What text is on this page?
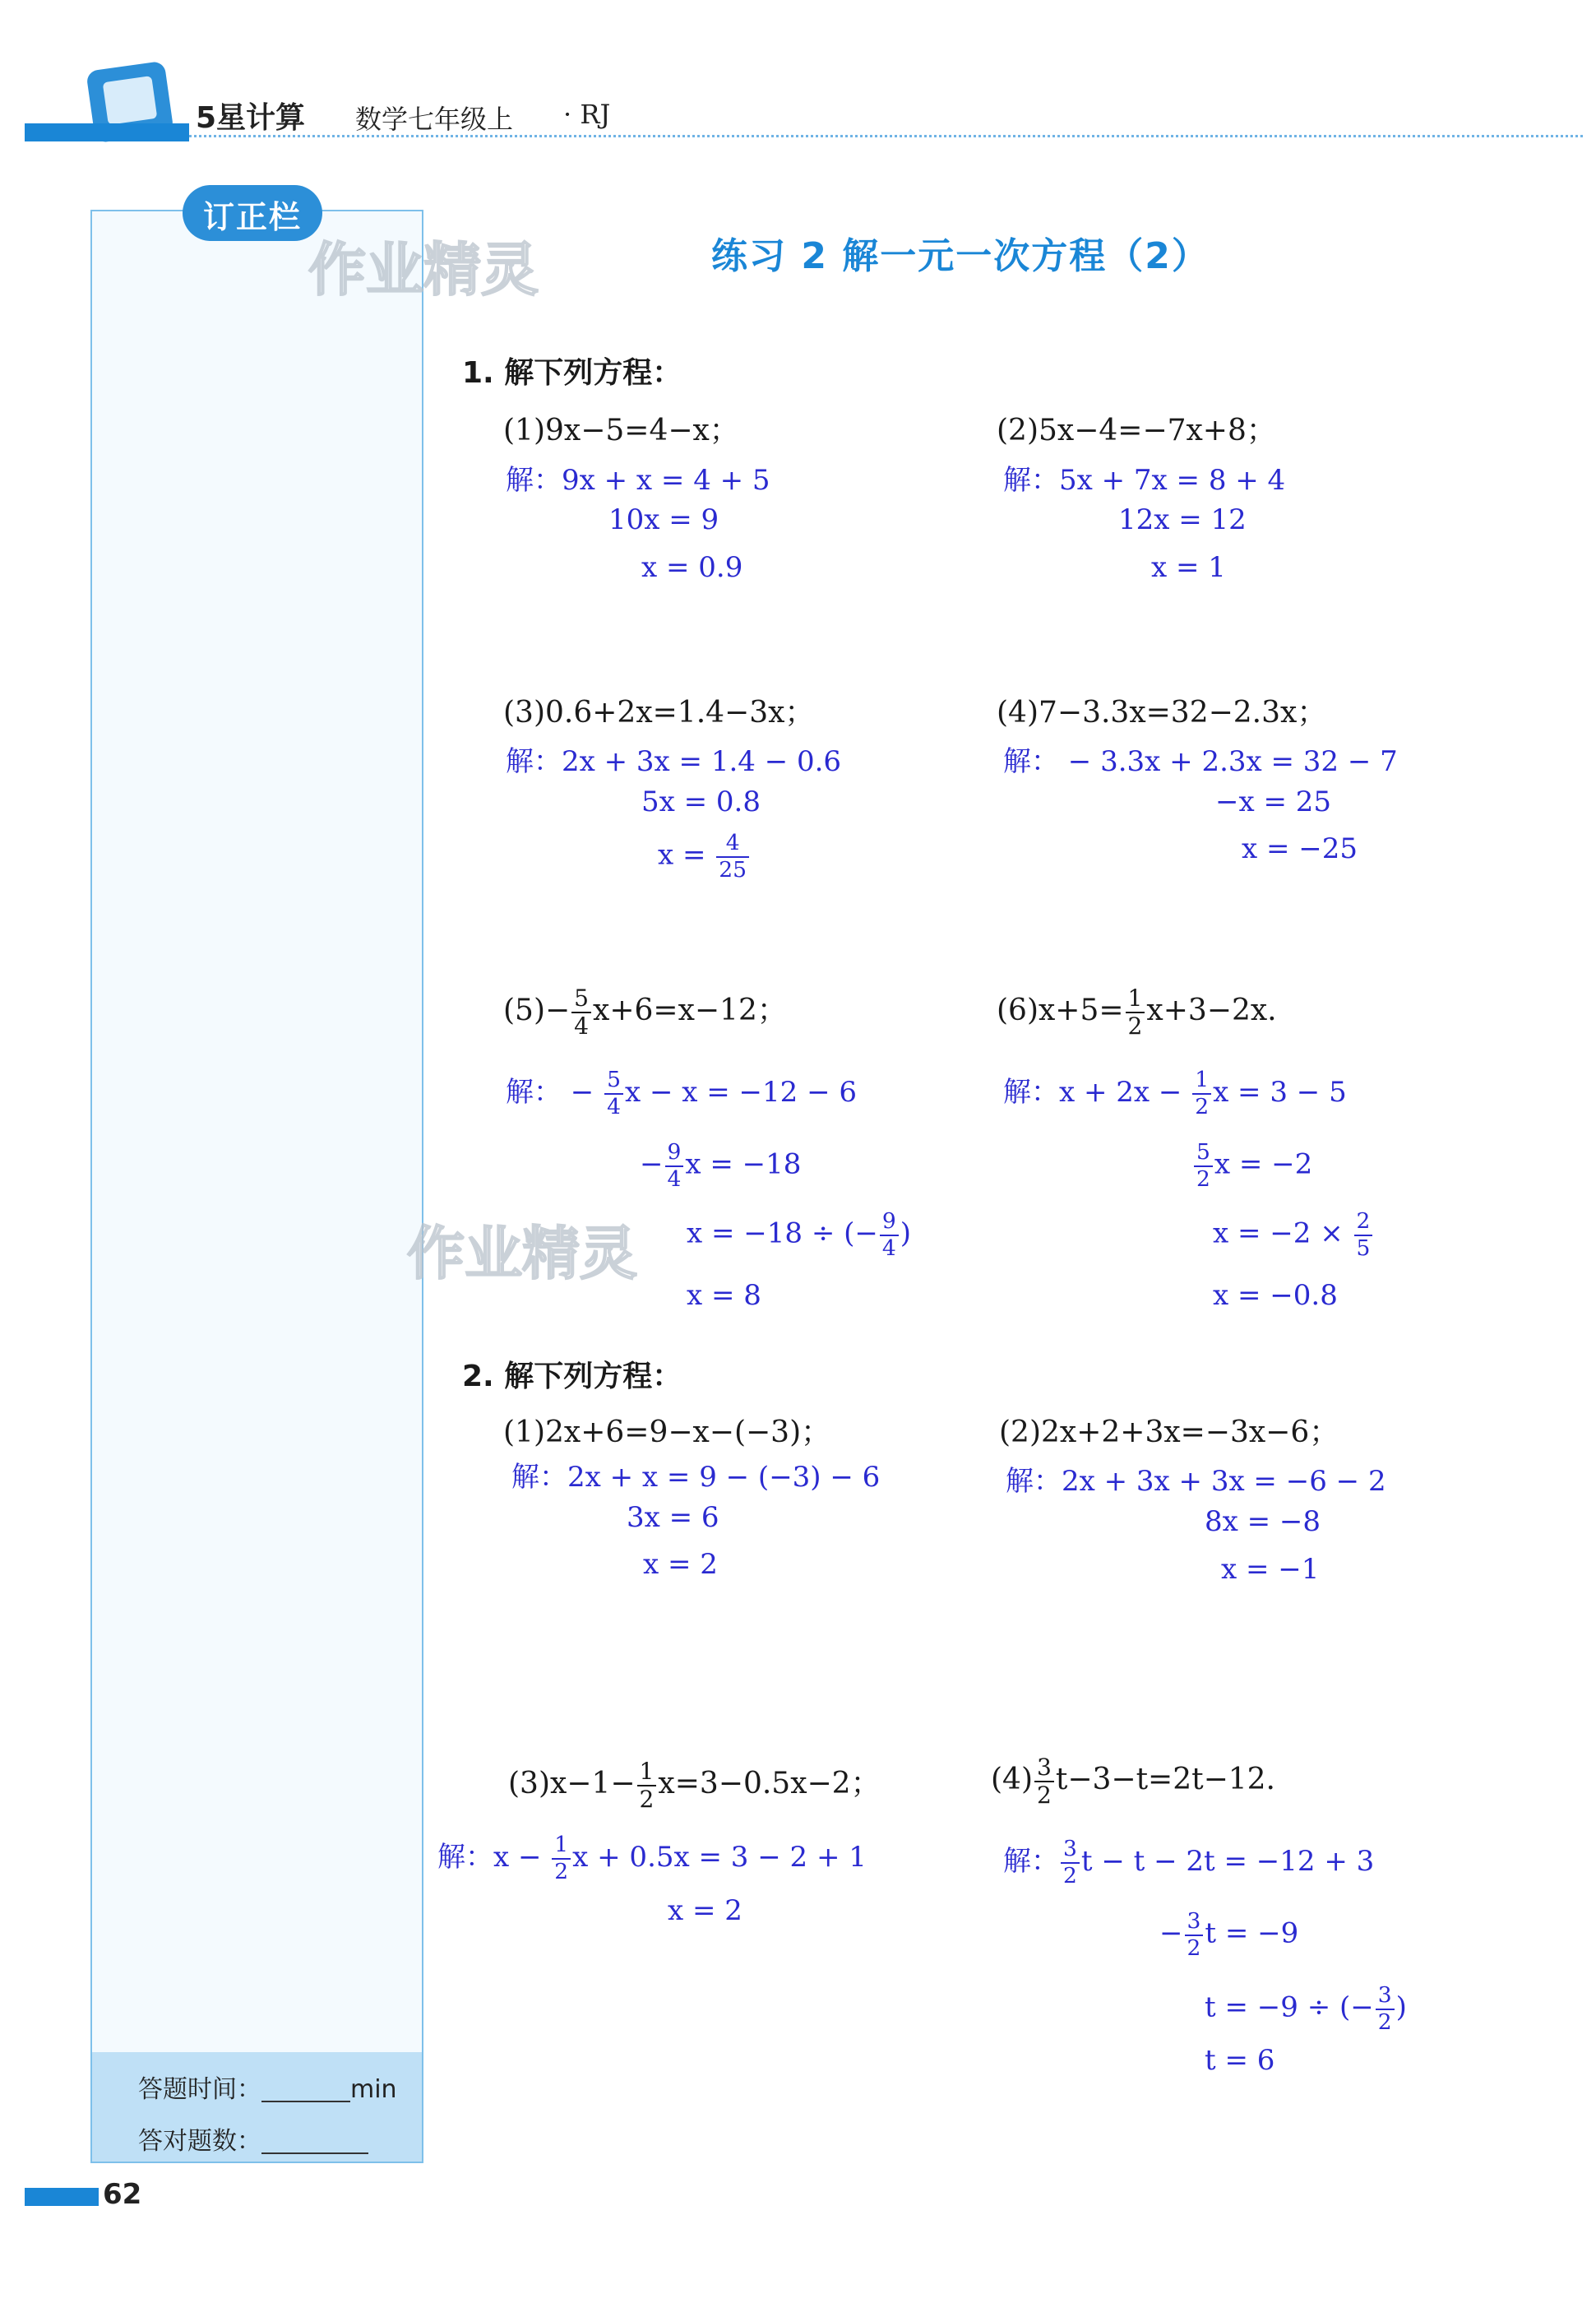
5星计算 数学七年级上 · RJ
订正栏
答题时间：	min
答对题数：
作业精灵
作业精灵
练习 2 解一元一次方程（2）
1. 解下列方程：
(1)9x−5=4−x；
解：9x + x = 4 + 5
10x = 9
x = 0.9
(2)5x−4=−7x+8；
解：5x + 7x = 8 + 4
12x = 12
x = 1
(3)0.6+2x=1.4−3x；
解：2x + 3x = 1.4 − 0.6
5x = 0.8
$x = \frac{4}{25}$
(4)7−3.3x=32−2.3x；
解： − 3.3x + 2.3x = 32 − 7
−x = 25
x = −25
$(5)- \frac{5}{4} x+6=x-12$；
解： − $\frac{5}{4}$ x − x = −12 − 6
− $\frac{9}{4}$ x = −18
x = −18 ÷ (− $\frac{9}{4}$ )
x = 8
$(6)x+5= \frac{1}{2} x+3-2x$.
解：$x + 2x - \frac{1}{2}$ x = 3 − 5
$\frac{5}{2}$ x = −2
$x = -2 \times \frac{2}{5}$
x = −0.8
2. 解下列方程：
(1)2x+6=9−x−(−3)；
解：2x + x = 9 − (−3) − 6
3x = 6
x = 2
(2)2x+2+3x=−3x−6；
解：2x + 3x + 3x = −6 − 2
8x = −8
x = −1
$(3)x-1- \frac{1}{2} x=3-0.5x-2$；
解：$x - \frac{1}{2}$ x + 0.5x = 3 − 2 + 1
x = 2
$(4) \frac{3}{2} t-3-t=2t-12$.
解： $\frac{3}{2}$ t − t − 2t = −12 + 3
− $\frac{3}{2}$ t = −9
t = −9 ÷ (− $\frac{3}{2}$ )
t = 6
62
